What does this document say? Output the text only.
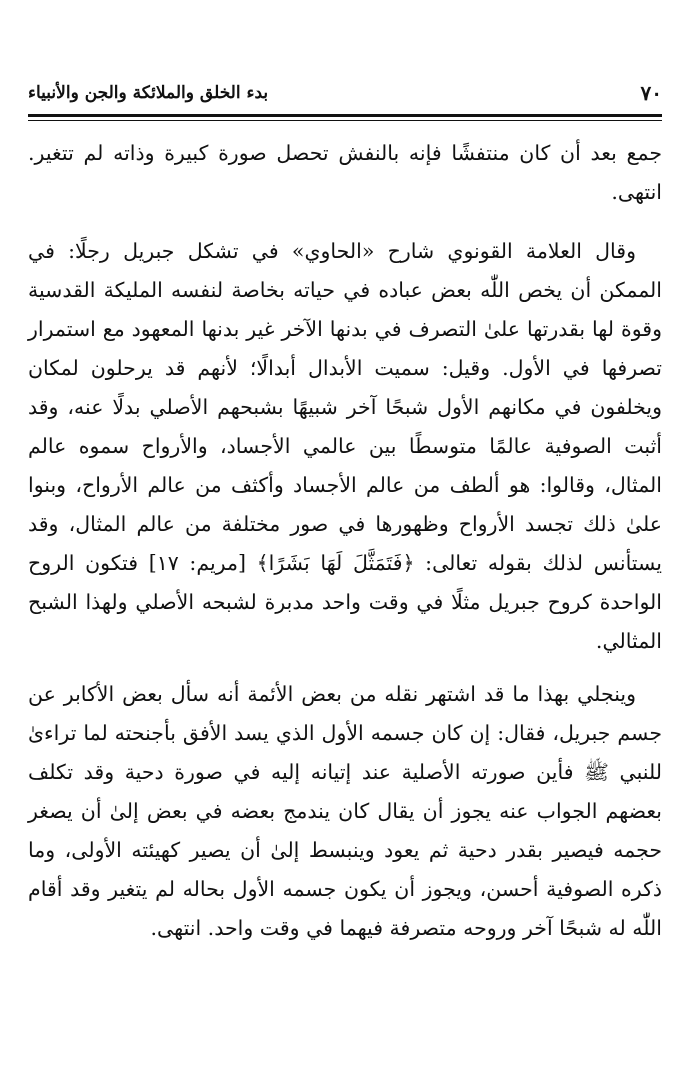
٧٠
بدء الخلق والملائكة والجن والأنبياء

جمع بعد أن كان منتفشًا فإنه بالنفش تحصل صورة كبيرة وذاته لم تتغير. انتهى.

وقال العلامة القونوي شارح «الحاوي» في تشكل جبريل رجلًا: في الممكن أن يخص اللّٰه بعض عباده في حياته بخاصة لنفسه المليكة القدسية وقوة لها بقدرتها علىٰ التصرف في بدنها الآخر غير بدنها المعهود مع استمرار تصرفها في الأول. وقيل: سميت الأبدال أبدالًا؛ لأنهم قد يرحلون لمكان ويخلفون في مكانهم الأول شبحًا آخر شبيهًا بشبحهم الأصلي بدلًا عنه، وقد أثبت الصوفية عالمًا متوسطًا بين عالمي الأجساد، والأرواح سموه عالم المثال، وقالوا: هو ألطف من عالم الأجساد وأكثف من عالم الأرواح، وبنوا علىٰ ذلك تجسد الأرواح وظهورها في صور مختلفة من عالم المثال، وقد يستأنس لذلك بقوله تعالى: ﴿فَتَمَثَّلَ لَهَا بَشَرًا﴾ [مريم: ١٧] فتكون الروح الواحدة كروح جبريل مثلًا في وقت واحد مدبرة لشبحه الأصلي ولهذا الشبح المثالي.

وينجلي بهذا ما قد اشتهر نقله من بعض الأئمة أنه سأل بعض الأكابر عن جسم جبريل، فقال: إن كان جسمه الأول الذي يسد الأفق بأجنحته لما تراءىٰ للنبي ﷺ فأين صورته الأصلية عند إتيانه إليه في صورة دحية وقد تكلف بعضهم الجواب عنه يجوز أن يقال كان يندمج بعضه في بعض إلىٰ أن يصغر حجمه فيصير بقدر دحية ثم يعود وينبسط إلىٰ أن يصير كهيئته الأولى، وما ذكره الصوفية أحسن، ويجوز أن يكون جسمه الأول بحاله لم يتغير وقد أقام اللّٰه له شبحًا آخر وروحه متصرفة فيهما في وقت واحد. انتهى.
